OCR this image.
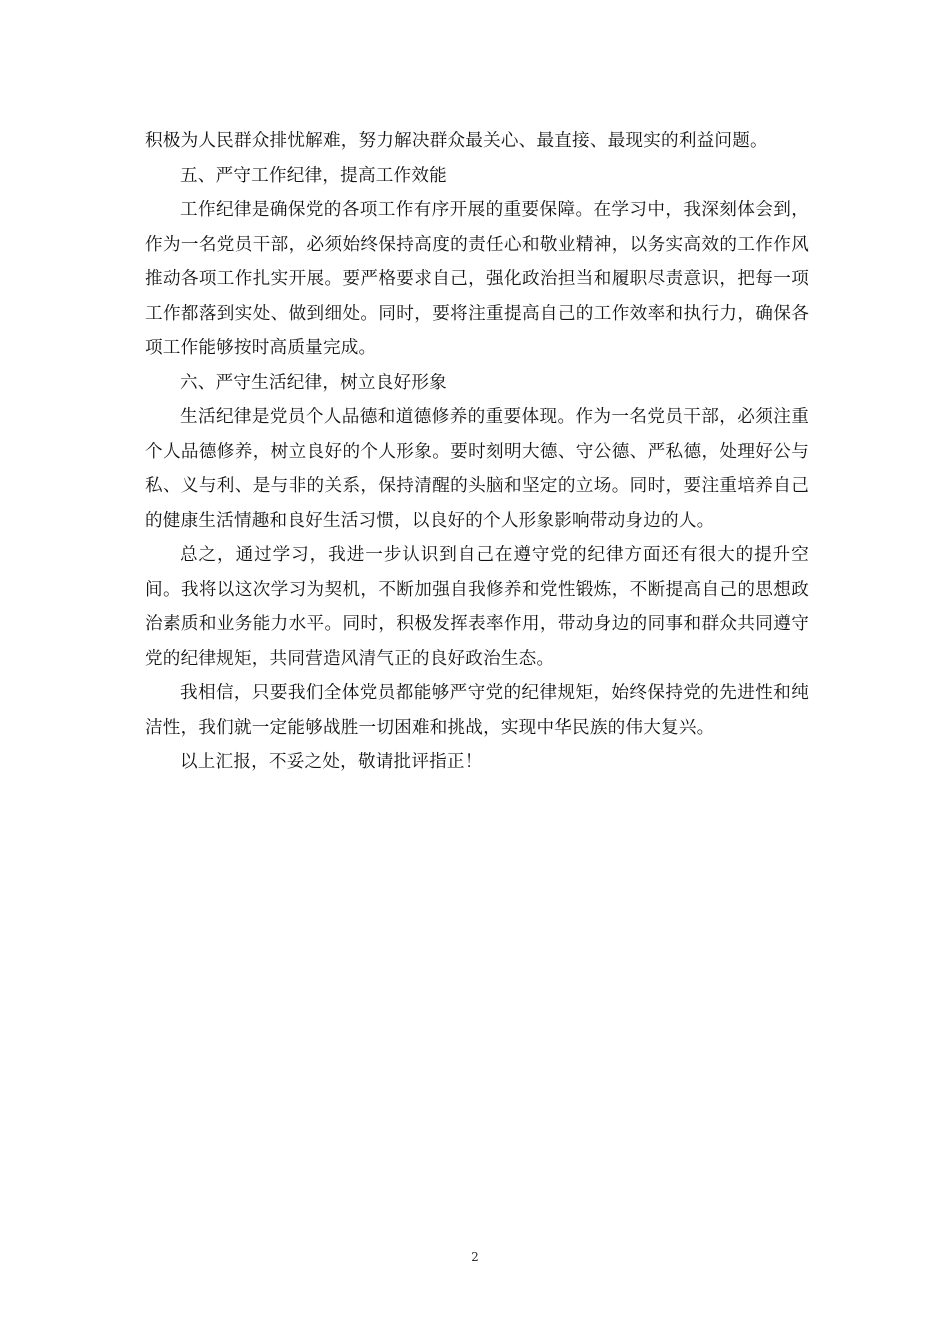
积极为人民群众排忧解难，努力解决群众最关心、最直接、最现实的利益问题。

五、严守工作纪律，提高工作效能

工作纪律是确保党的各项工作有序开展的重要保障。在学习中，我深刻体会到，作为一名党员干部，必须始终保持高度的责任心和敬业精神，以务实高效的工作作风推动各项工作扎实开展。要严格要求自己，强化政治担当和履职尽责意识，把每一项工作都落到实处、做到细处。同时，要将注重提高自己的工作效率和执行力，确保各项工作能够按时高质量完成。

六、严守生活纪律，树立良好形象

生活纪律是党员个人品德和道德修养的重要体现。作为一名党员干部，必须注重个人品德修养，树立良好的个人形象。要时刻明大德、守公德、严私德，处理好公与私、义与利、是与非的关系，保持清醒的头脑和坚定的立场。同时，要注重培养自己的健康生活情趣和良好生活习惯，以良好的个人形象影响带动身边的人。

总之，通过学习，我进一步认识到自己在遵守党的纪律方面还有很大的提升空间。我将以这次学习为契机，不断加强自我修养和党性锻炼，不断提高自己的思想政治素质和业务能力水平。同时，积极发挥表率作用，带动身边的同事和群众共同遵守党的纪律规矩，共同营造风清气正的良好政治生态。

我相信，只要我们全体党员都能够严守党的纪律规矩，始终保持党的先进性和纯洁性，我们就一定能够战胜一切困难和挑战，实现中华民族的伟大复兴。

以上汇报，不妥之处，敬请批评指正！

2
